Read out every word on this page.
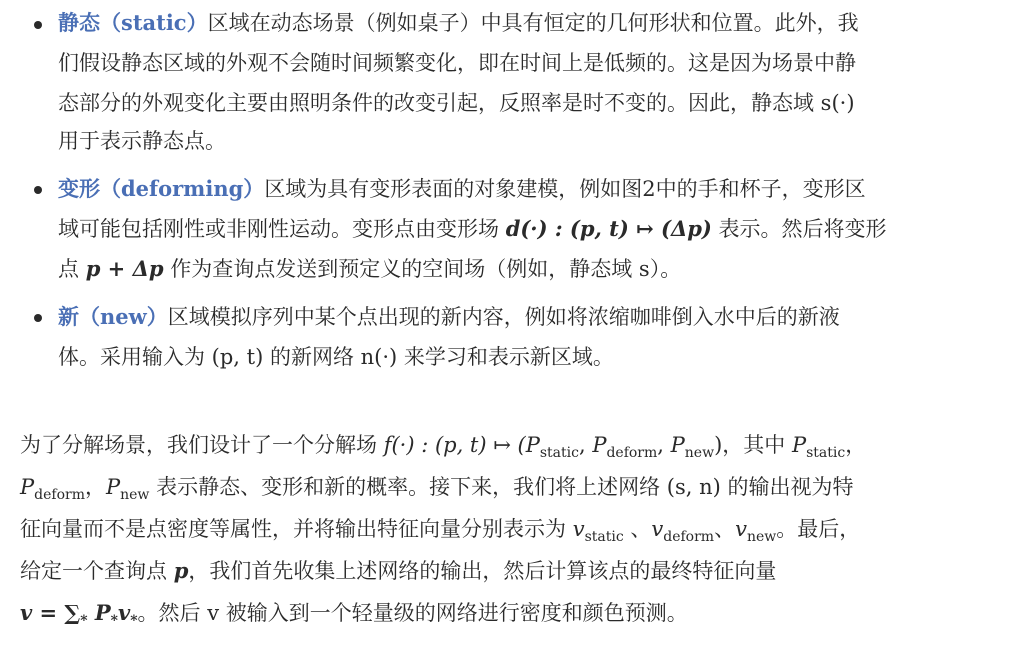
静态（static）区域在动态场景（例如桌子）中具有恒定的几何形状和位置。此外，我
们假设静态区域的外观不会随时间频繁变化，即在时间上是低频的。这是因为场景中静
态部分的外观变化主要由照明条件的改变引起，反照率是时不变的。因此，静态域 s(·)
用于表示静态点。
变形（deforming）区域为具有变形表面的对象建模，例如图2中的手和杯子，变形区
域可能包括刚性或非刚性运动。变形点由变形场 d(·) : (p, t) ↦ (Δp) 表示。然后将变形
点 p + Δp 作为查询点发送到预定义的空间场（例如，静态域 s）。
新（new）区域模拟序列中某个点出现的新内容，例如将浓缩咖啡倒入水中后的新液
体。采用输入为 (p, t) 的新网络 n(·) 来学习和表示新区域。
为了分解场景，我们设计了一个分解场 f(·) : (p, t) ↦ ($P_{static}$, $P_{deform}$, $P_{new}$)，其中 $P_{static}$，
$P_{deform}$，$P_{new}$ 表示静态、变形和新的概率。接下来，我们将上述网络 (s, n) 的输出视为特
征向量而不是点密度等属性，并将输出特征向量分别表示为 $v_{static}$ 、$v_{deform}$、$v_{new}$。最后，
给定一个查询点 p，我们首先收集上述网络的输出，然后计算该点的最终特征向量
$v = \sum_*$ $P_*v_*$。然后 v 被输入到一个轻量级的网络进行密度和颜色预测。
